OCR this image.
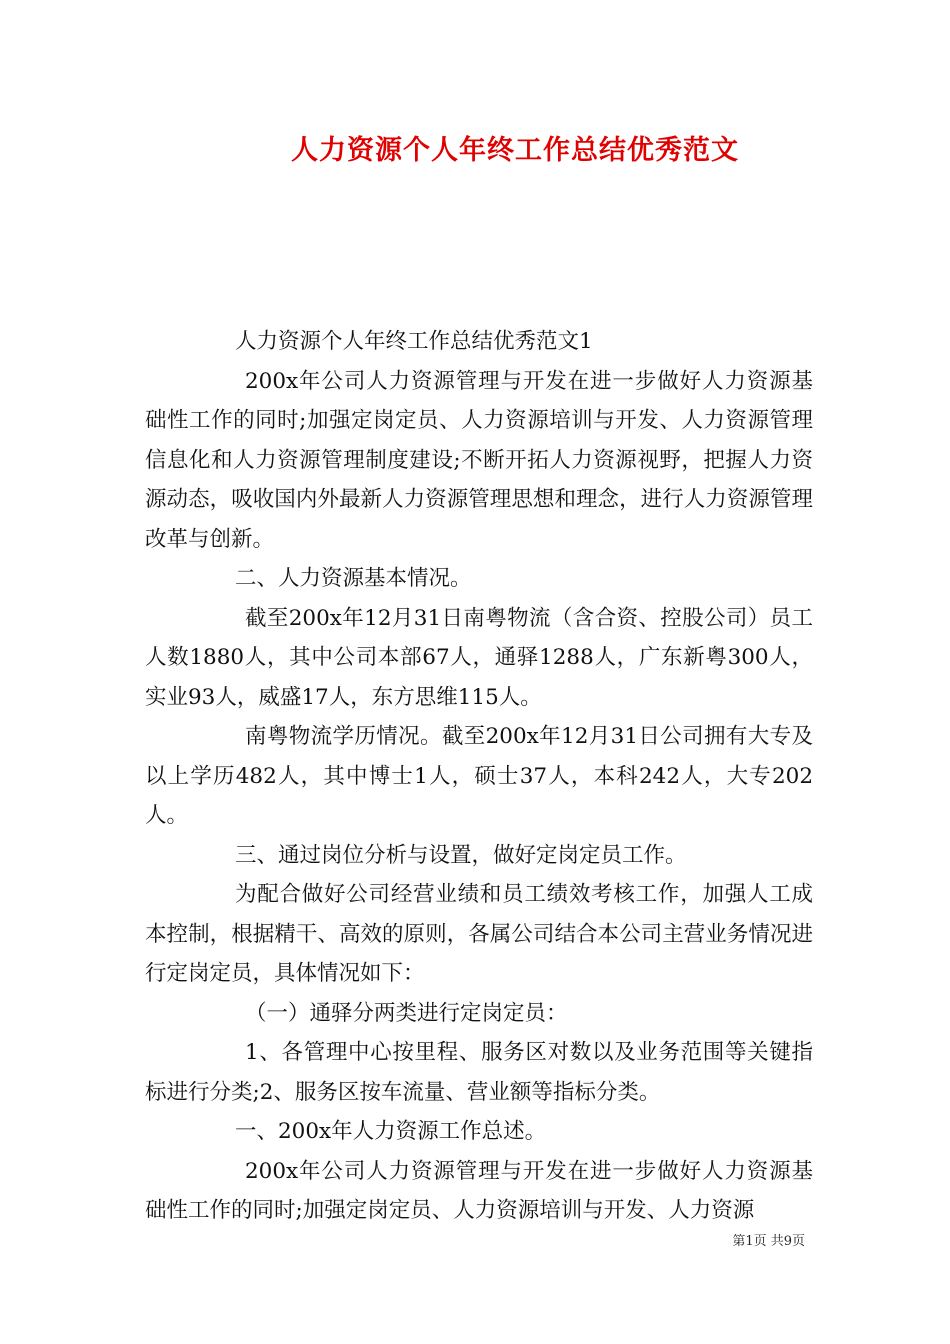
人力资源个人年终工作总结优秀范文

人力资源个人年终工作总结优秀范文1

200x年公司人力资源管理与开发在进一步做好人力资源基础性工作的同时;加强定岗定员、人力资源培训与开发、人力资源管理信息化和人力资源管理制度建设;不断开拓人力资源视野，把握人力资源动态，吸收国内外最新人力资源管理思想和理念，进行人力资源管理改革与创新。

二、人力资源基本情况。

截至200x年12月31日南粤物流（含合资、控股公司）员工人数1880人，其中公司本部67人，通驿1288人，广东新粤300人，实业93人，威盛17人，东方思维115人。

南粤物流学历情况。截至200x年12月31日公司拥有大专及以上学历482人，其中博士1人，硕士37人，本科242人，大专202人。

三、通过岗位分析与设置，做好定岗定员工作。

为配合做好公司经营业绩和员工绩效考核工作，加强人工成本控制，根据精干、高效的原则，各属公司结合本公司主营业务情况进行定岗定员，具体情况如下：

（一）通驿分两类进行定岗定员：

1、各管理中心按里程、服务区对数以及业务范围等关键指标进行分类;2、服务区按车流量、营业额等指标分类。

一、200x年人力资源工作总述。

200x年公司人力资源管理与开发在进一步做好人力资源基础性工作的同时;加强定岗定员、人力资源培训与开发、人力资源

第1页 共9页
